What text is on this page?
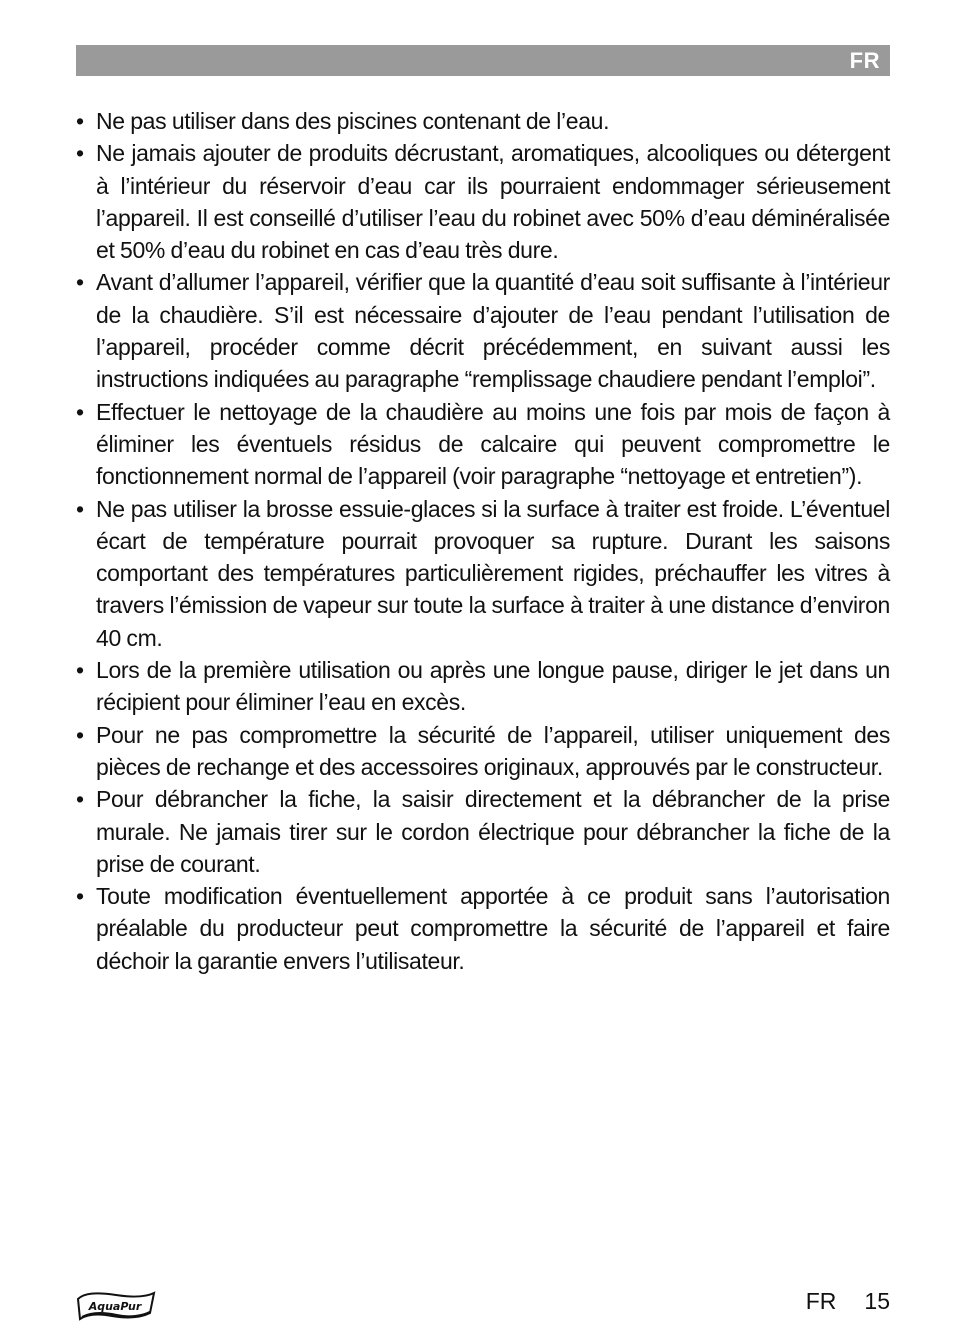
FR
• Ne pas utiliser dans des piscines contenant de l’eau.
• Ne jamais ajouter de produits décrustant, aromatiques, alcooliques ou détergent à l’intérieur du réservoir d’eau car ils pourraient endommager sérieusement l’appareil. Il est conseillé d’utiliser l’eau du robinet avec 50% d’eau déminéralisée et 50% d’eau du robinet en cas d’eau très dure.
• Avant d’allumer l’appareil, vérifier que la quantité d’eau soit suffisante à l’intérieur de la chaudière. S’il est nécessaire d’ajouter de l’eau pendant l’utilisation de l’appareil, procéder comme décrit précédemment, en suivant aussi les instructions indiquées au paragraphe “remplissage chaudiere pendant l’emploi”.
• Effectuer le nettoyage de la chaudière au moins une fois par mois de façon à éliminer les éventuels résidus de calcaire qui peuvent compromettre le fonctionnement normal de l’appareil (voir paragraphe “nettoyage et entretien”).
• Ne pas utiliser la brosse essuie-glaces si la surface à traiter est froide. L’éventuel écart de température pourrait provoquer sa rupture. Durant les saisons comportant des températures particulièrement rigides, préchauffer les vitres à travers l’émission de vapeur sur toute la surface à traiter à une distance d’environ 40 cm.
• Lors de la première utilisation ou après une longue pause, diriger le jet dans un récipient pour éliminer l’eau en excès.
• Pour ne pas compromettre la sécurité de l’appareil, utiliser uniquement des pièces de rechange et des accessoires originaux, approuvés par le constructeur.
• Pour débrancher la fiche, la saisir directement et la débrancher de la prise murale. Ne jamais tirer sur le cordon électrique pour débrancher la fiche de la prise de courant.
• Toute modification éventuellement apportée à ce produit sans l’autorisation préalable du producteur peut compromettre la sécurité de l’appareil et faire déchoir la garantie envers l’utilisateur.
AquaPur	FR 15
